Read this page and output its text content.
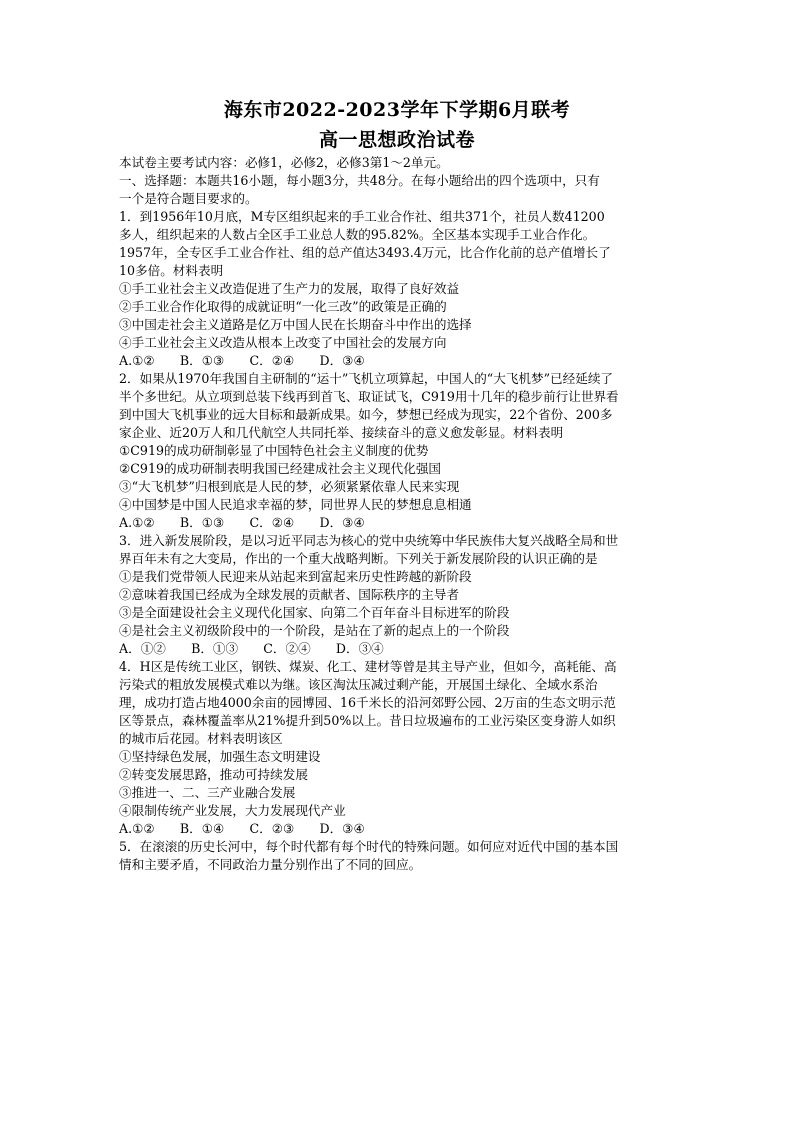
海东市2022-2023学年下学期6月联考
高一思想政治试卷
本试卷主要考试内容：必修1，必修2，必修3第1～2单元。
一、选择题：本题共16小题，每小题3分，共48分。在每小题给出的四个选项中，只有
一个是符合题目要求的。
1．到1956年10月底，M专区组织起来的手工业合作社、组共371个，社员人数41200
多人，组织起来的人数占全区手工业总人数的95.82%。全区基本实现手工业合作化。
1957年，全专区手工业合作社、组的总产值达3493.4万元，比合作化前的总产值增长了
10多倍。材料表明
①手工业社会主义改造促进了生产力的发展，取得了良好效益
②手工业合作化取得的成就证明“一化三改”的政策是正确的
③中国走社会主义道路是亿万中国人民在长期奋斗中作出的选择
④手工业社会主义改造从根本上改变了中国社会的发展方向
A.①②　　B．①③　　C．②④　　D．③④
2．如果从1970年我国自主研制的“运十”飞机立项算起，中国人的“大飞机梦”已经延续了
半个多世纪。从立项到总装下线再到首飞、取证试飞，C919用十几年的稳步前行让世界看
到中国大飞机事业的远大目标和最新成果。如今，梦想已经成为现实，22个省份、200多
家企业、近20万人和几代航空人共同托举、接续奋斗的意义愈发彰显。材料表明
①C919的成功研制彰显了中国特色社会主义制度的优势
②C919的成功研制表明我国已经建成社会主义现代化强国
③“大飞机梦”归根到底是人民的梦，必须紧紧依靠人民来实现
④中国梦是中国人民追求幸福的梦，同世界人民的梦想息息相通
A.①②　　B．①③　　C．②④　　D．③④
3．进入新发展阶段，是以习近平同志为核心的党中央统筹中华民族伟大复兴战略全局和世
界百年未有之大变局，作出的一个重大战略判断。下列关于新发展阶段的认识正确的是
①是我们党带领人民迎来从站起来到富起来历史性跨越的新阶段
②意味着我国已经成为全球发展的贡献者、国际秩序的主导者
③是全面建设社会主义现代化国家、向第二个百年奋斗目标进军的阶段
④是社会主义初级阶段中的一个阶段，是站在了新的起点上的一个阶段
A．①②　　B．①③　　C．②④　　D．③④
4．H区是传统工业区，钢铁、煤炭、化工、建材等曾是其主导产业，但如今，高耗能、高
污染式的粗放发展模式难以为继。该区淘汰压减过剩产能，开展国土绿化、全域水系治
理，成功打造占地4000余亩的园博园、16千米长的沿河郊野公园、2万亩的生态文明示范
区等景点，森林覆盖率从21%提升到50%以上。昔日垃圾遍布的工业污染区变身游人如织
的城市后花园。材料表明该区
①坚持绿色发展，加强生态文明建设
②转变发展思路，推动可持续发展
③推进一、二、三产业融合发展
④限制传统产业发展，大力发展现代产业
A.①②　　B．①④　　C．②③　　D．③④
5．在滚滚的历史长河中，每个时代都有每个时代的特殊问题。如何应对近代中国的基本国
情和主要矛盾，不同政治力量分别作出了不同的回应。
